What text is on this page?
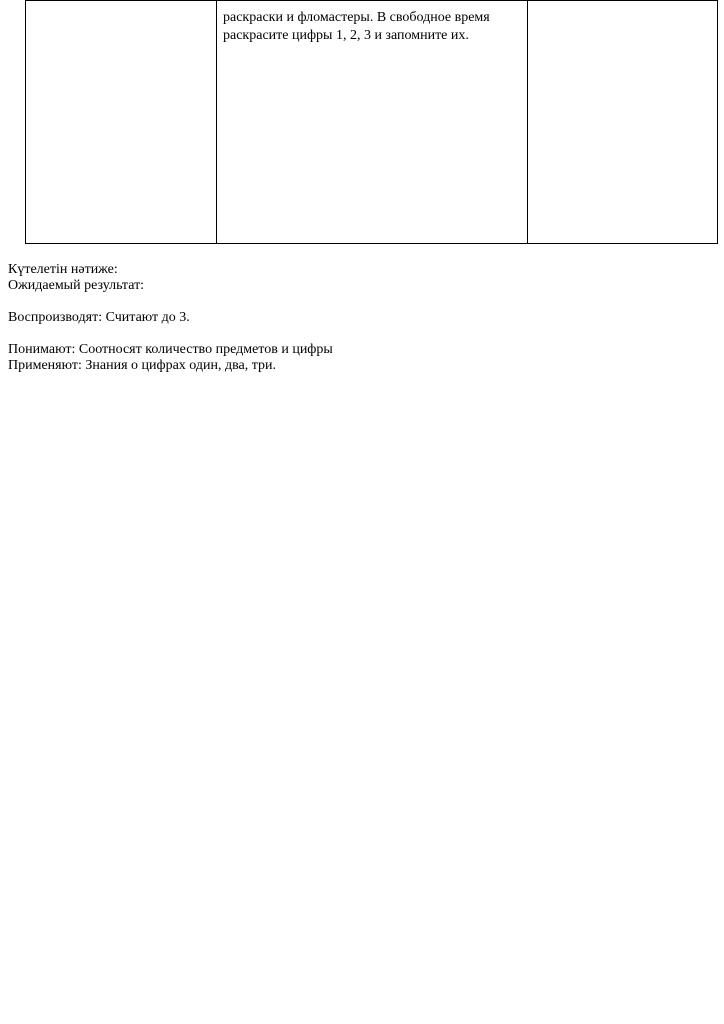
раскраски и фломастеры. В свободное время
раскрасите цифры 1, 2, 3 и запомните их.

Күтелетін нәтиже:
Ожидаемый результат:
Воспроизводят: Считают до 3.
Понимают: Соотносят количество предметов и цифры
Применяют: Знания о цифрах один, два, три.
